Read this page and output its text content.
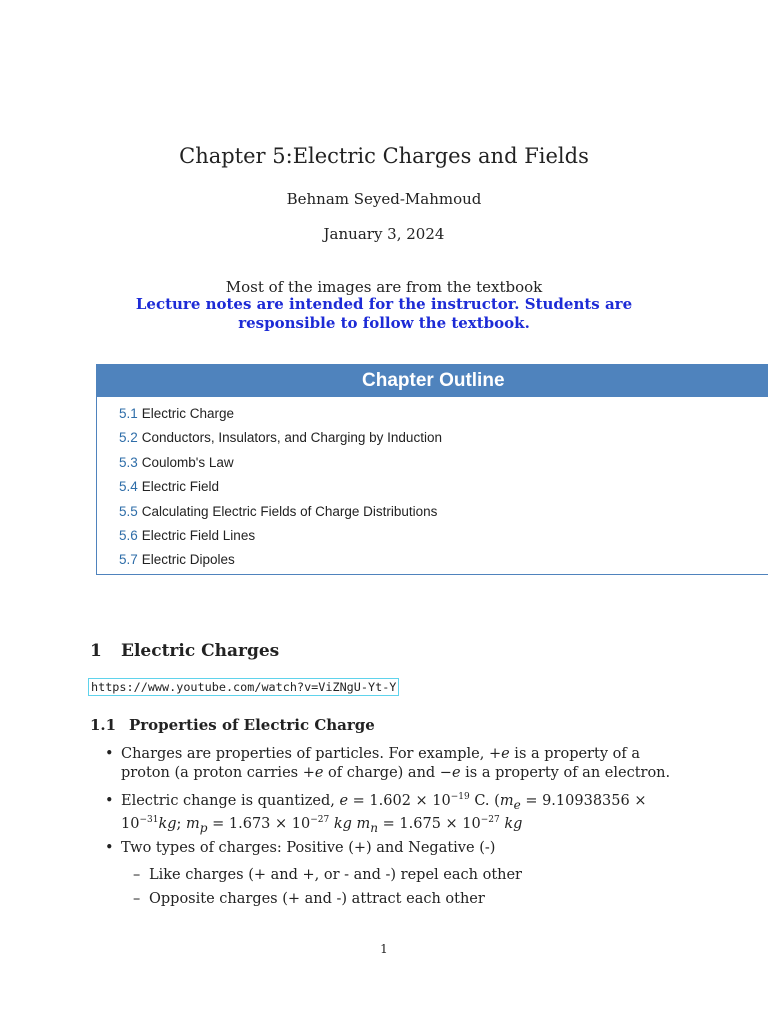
Chapter 5:Electric Charges and Fields
Behnam Seyed-Mahmoud
January 3, 2024
Most of the images are from the textbook
Lecture notes are intended for the instructor. Students are responsible to follow the textbook.
Chapter Outline
5.1 Electric Charge
5.2 Conductors, Insulators, and Charging by Induction
5.3 Coulomb's Law
5.4 Electric Field
5.5 Calculating Electric Fields of Charge Distributions
5.6 Electric Field Lines
5.7 Electric Dipoles
1 Electric Charges
https://www.youtube.com/watch?v=ViZNgU-Yt-Y
1.1 Properties of Electric Charge
• Charges are properties of particles. For example, +e is a property of a proton (a proton carries +e of charge) and −e is a property of an electron.
• Electric change is quantized, $e = 1.602 \times 10^{-19}$ C. ($m_e = 9.10938356 \times 10^{-31}kg$; $m_p = 1.673 \times 10^{-27}$ kg $m_n = 1.675 \times 10^{-27}$ kg
• Two types of charges: Positive (+) and Negative (-)
– Like charges (+ and +, or - and -) repel each other
– Opposite charges (+ and -) attract each other
1
